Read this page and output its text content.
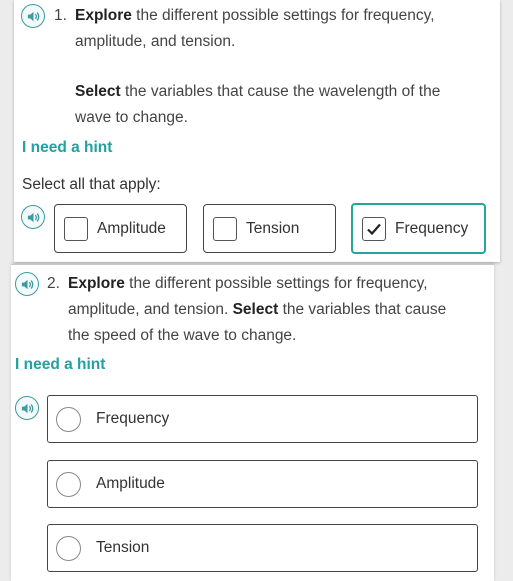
1. Explore the different possible settings for frequency,
amplitude, and tension.
Select the variables that cause the wavelength of the
wave to change.
I need a hint
Select all that apply:
Amplitude	Tension	Frequency
2. Explore the different possible settings for frequency,
amplitude, and tension. Select the variables that cause
the speed of the wave to change.
I need a hint
Frequency
Amplitude
Tension
